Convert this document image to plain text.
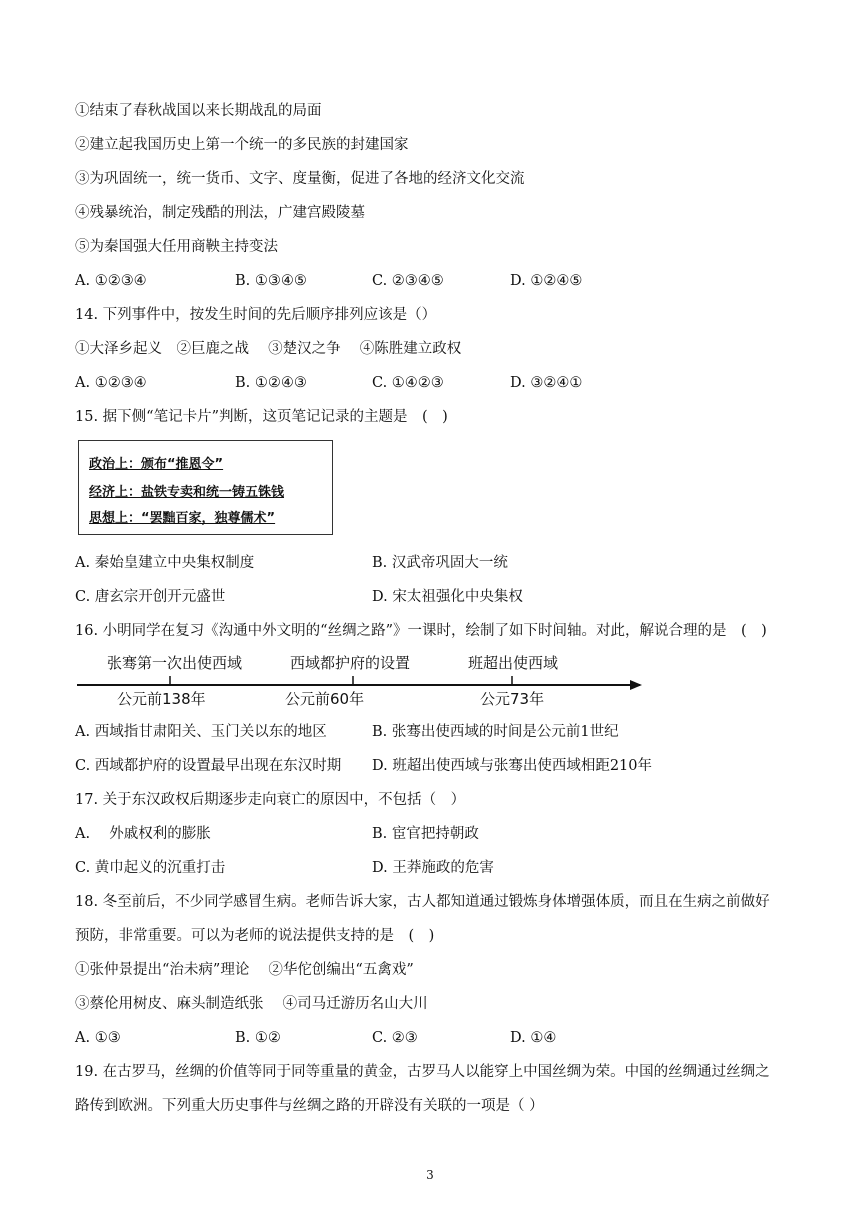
①结束了春秋战国以来长期战乱的局面
②建立起我国历史上第一个统一的多民族的封建国家
③为巩固统一，统一货币、文字、度量衡，促进了各地的经济文化交流
④残暴统治，制定残酷的刑法，广建宫殿陵墓
⑤为秦国强大任用商鞅主持变法
A. ①②③④	B. ①③④⑤	C. ②③④⑤	D. ①②④⑤
14. 下列事件中，按发生时间的先后顺序排列应该是（）
①大泽乡起义　②巨鹿之战　 ③楚汉之争　 ④陈胜建立政权
A. ①②③④	B. ①②④③	C. ①④②③	D. ③②④①
15. 据下侧“笔记卡片”判断，这页笔记记录的主题是　(　)
政治上：颁布“推恩令”
经济上：盐铁专卖和统一铸五铢钱
思想上：“罢黜百家，独尊儒术”
A. 秦始皇建立中央集权制度	B. 汉武帝巩固大一统
C. 唐玄宗开创开元盛世	D. 宋太祖强化中央集权
16. 小明同学在复习《沟通中外文明的“丝绸之路”》一课时，绘制了如下时间轴。对此，解说合理的是　(　)
张骞第一次出使西域	西域都护府的设置	班超出使西域
公元前138年	公元前60年	公元73年
A. 西域指甘肃阳关、玉门关以东的地区	B. 张骞出使西域的时间是公元前1世纪
C. 西域都护府的设置最早出现在东汉时期 D. 班超出使西域与张骞出使西域相距210年
17. 关于东汉政权后期逐步走向衰亡的原因中，不包括（　）
A.　 外戚权利的膨胀	B. 宦官把持朝政
C. 黄巾起义的沉重打击	D. 王莽施政的危害
18. 冬至前后，不少同学感冒生病。老师告诉大家，古人都知道通过锻炼身体增强体质，而且在生病之前做好
预防，非常重要。可以为老师的说法提供支持的是　(　)
①张仲景提出“治未病”理论　 ②华佗创编出“五禽戏”
③蔡伦用树皮、麻头制造纸张　 ④司马迁游历名山大川
A. ①③	B. ①②	C. ②③	D. ①④
19. 在古罗马，丝绸的价值等同于同等重量的黄金，古罗马人以能穿上中国丝绸为荣。中国的丝绸通过丝绸之
路传到欧洲。下列重大历史事件与丝绸之路的开辟没有关联的一项是（ ）
3
